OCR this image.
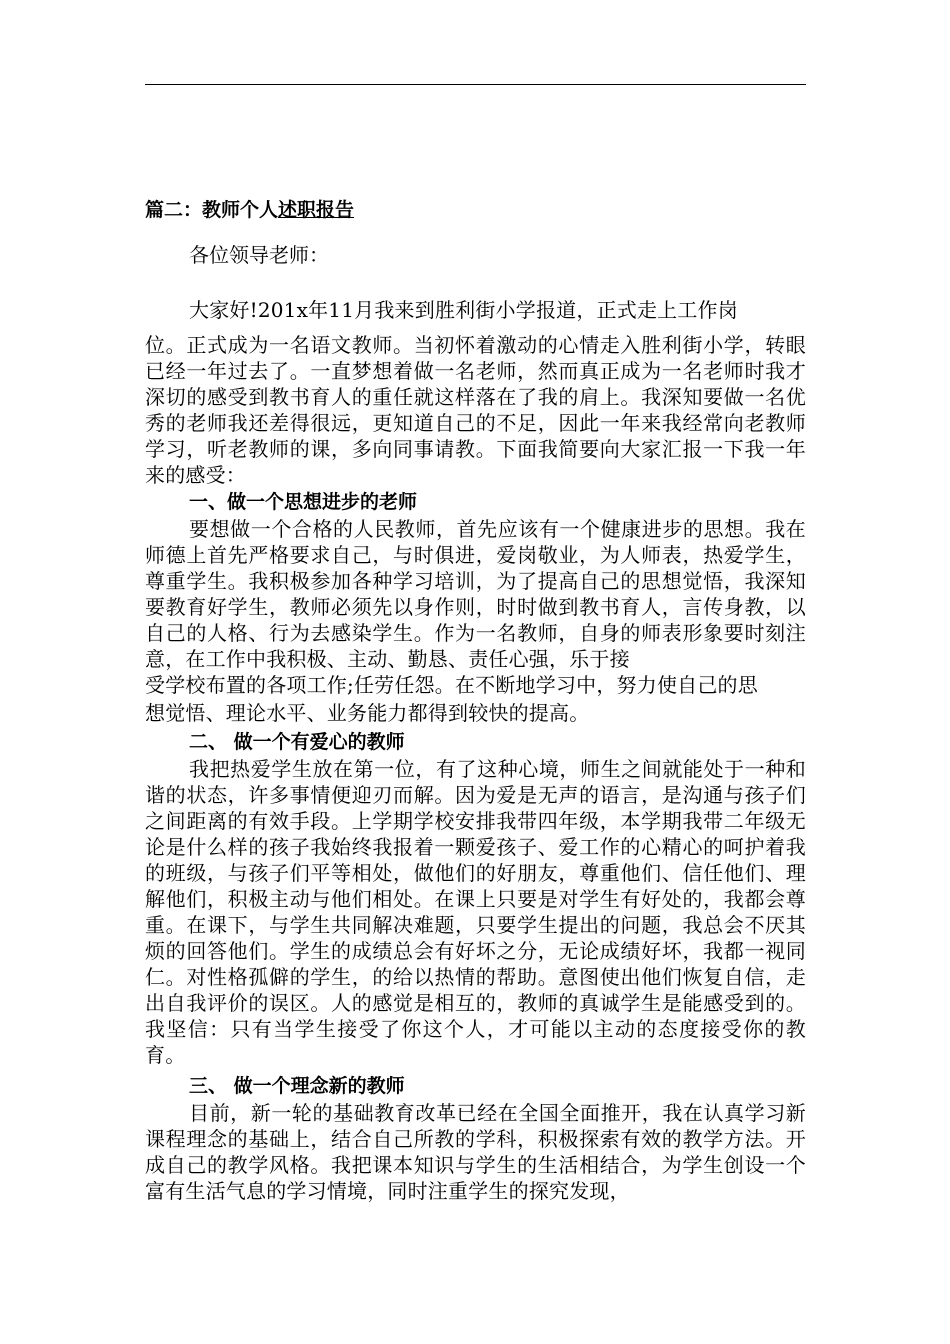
篇二：教师个人述职报告
各位领导老师：

大家好!201x年11月我来到胜利街小学报道，正式走上工作岗
位。正式成为一名语文教师。当初怀着激动的心情走入胜利街小学，转眼已经一年过去了。一直梦想着做一名老师，然而真正成为一名老师时我才深切的感受到教书育人的重任就这样落在了我的肩上。我深知要做一名优秀的老师我还差得很远，更知道自己的不足，因此一年来我经常向老教师学习，听老教师的课，多向同事请教。下面我简要向大家汇报一下我一年来的感受：

一、做一个思想进步的老师

要想做一个合格的人民教师，首先应该有一个健康进步的思想。我在师德上首先严格要求自己，与时俱进，爱岗敬业，为人师表，热爱学生，尊重学生。我积极参加各种学习培训，为了提高自己的思想觉悟，我深知要教育好学生，教师必须先以身作则，时时做到教书育人，言传身教，以自己的人格、行为去感染学生。作为一名教师，自身的师表形象要时刻注意，在工作中我积极、主动、勤恳、责任心强，乐于接

受学校布置的各项工作;任劳任怨。在不断地学习中，努力使自己的思

想觉悟、理论水平、业务能力都得到较快的提高。

二、 做一个有爱心的教师

我把热爱学生放在第一位，有了这种心境，师生之间就能处于一种和谐的状态，许多事情便迎刃而解。因为爱是无声的语言，是沟通与孩子们之间距离的有效手段。上学期学校安排我带四年级，本学期我带二年级无论是什么样的孩子我始终我报着一颗爱孩子、爱工作的心精心的呵护着我的班级，与孩子们平等相处，做他们的好朋友，尊重他们、信任他们、理解他们，积极主动与他们相处。在课上只要是对学生有好处的，我都会尊重。在课下，与学生共同解决难题，只要学生提出的问题，我总会不厌其烦的回答他们。学生的成绩总会有好坏之分，无论成绩好坏，我都一视同仁。对性格孤僻的学生，的给以热情的帮助。意图使出他们恢复自信，走出自我评价的误区。人的感觉是相互的，教师的真诚学生是能感受到的。我坚信：只有当学生接受了你这个人，才可能以主动的态度接受你的教育。

三、 做一个理念新的教师

目前，新一轮的基础教育改革已经在全国全面推开，我在认真学习新课程理念的基础上，结合自己所教的学科，积极探索有效的教学方法。开成自己的教学风格。我把课本知识与学生的生活相结合，为学生创设一个富有生活气息的学习情境，同时注重学生的探究发现，
